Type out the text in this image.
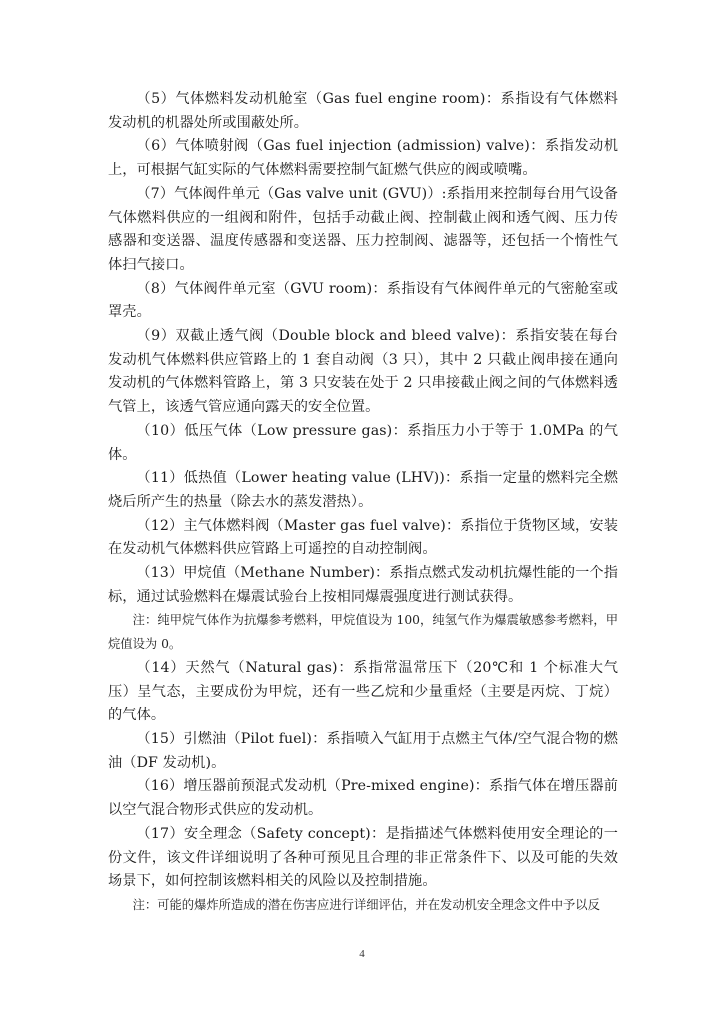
（5）气体燃料发动机舱室（Gas fuel engine room)：系指设有气体燃料发动机的机器处所或围蔽处所。

（6）气体喷射阀（Gas fuel injection (admission) valve)：系指发动机上，可根据气缸实际的气体燃料需要控制气缸燃气供应的阀或喷嘴。

（7）气体阀件单元（Gas valve unit (GVU)）:系指用来控制每台用气设备气体燃料供应的一组阀和附件，包括手动截止阀、控制截止阀和透气阀、压力传感器和变送器、温度传感器和变送器、压力控制阀、滤器等，还包括一个惰性气体扫气接口。

（8）气体阀件单元室（GVU room)：系指设有气体阀件单元的气密舱室或罩壳。

（9）双截止透气阀（Double block and bleed valve)：系指安装在每台发动机气体燃料供应管路上的 1 套自动阀（3 只），其中 2 只截止阀串接在通向发动机的气体燃料管路上，第 3 只安装在处于 2 只串接截止阀之间的气体燃料透气管上，该透气管应通向露天的安全位置。

（10）低压气体（Low pressure gas)：系指压力小于等于 1.0MPa 的气体。

（11）低热值（Lower heating value (LHV))：系指一定量的燃料完全燃烧后所产生的热量（除去水的蒸发潜热）。

（12）主气体燃料阀（Master gas fuel valve)：系指位于货物区域，安装在发动机气体燃料供应管路上可遥控的自动控制阀。

（13）甲烷值（Methane Number)：系指点燃式发动机抗爆性能的一个指标，通过试验燃料在爆震试验台上按相同爆震强度进行测试获得。

注：纯甲烷气体作为抗爆参考燃料，甲烷值设为 100，纯氢气作为爆震敏感参考燃料，甲烷值设为 0。

（14）天然气（Natural gas)：系指常温常压下（20℃和 1 个标准大气压）呈气态，主要成份为甲烷，还有一些乙烷和少量重烃（主要是丙烷、丁烷）的气体。

（15）引燃油（Pilot fuel)：系指喷入气缸用于点燃主气体/空气混合物的燃油（DF 发动机)。

（16）增压器前预混式发动机（Pre-mixed engine)：系指气体在增压器前以空气混合物形式供应的发动机。

（17）安全理念（Safety concept)：是指描述气体燃料使用安全理论的一份文件，该文件详细说明了各种可预见且合理的非正常条件下、以及可能的失效场景下，如何控制该燃料相关的风险以及控制措施。

注：可能的爆炸所造成的潜在伤害应进行详细评估，并在发动机安全理念文件中予以反

4
